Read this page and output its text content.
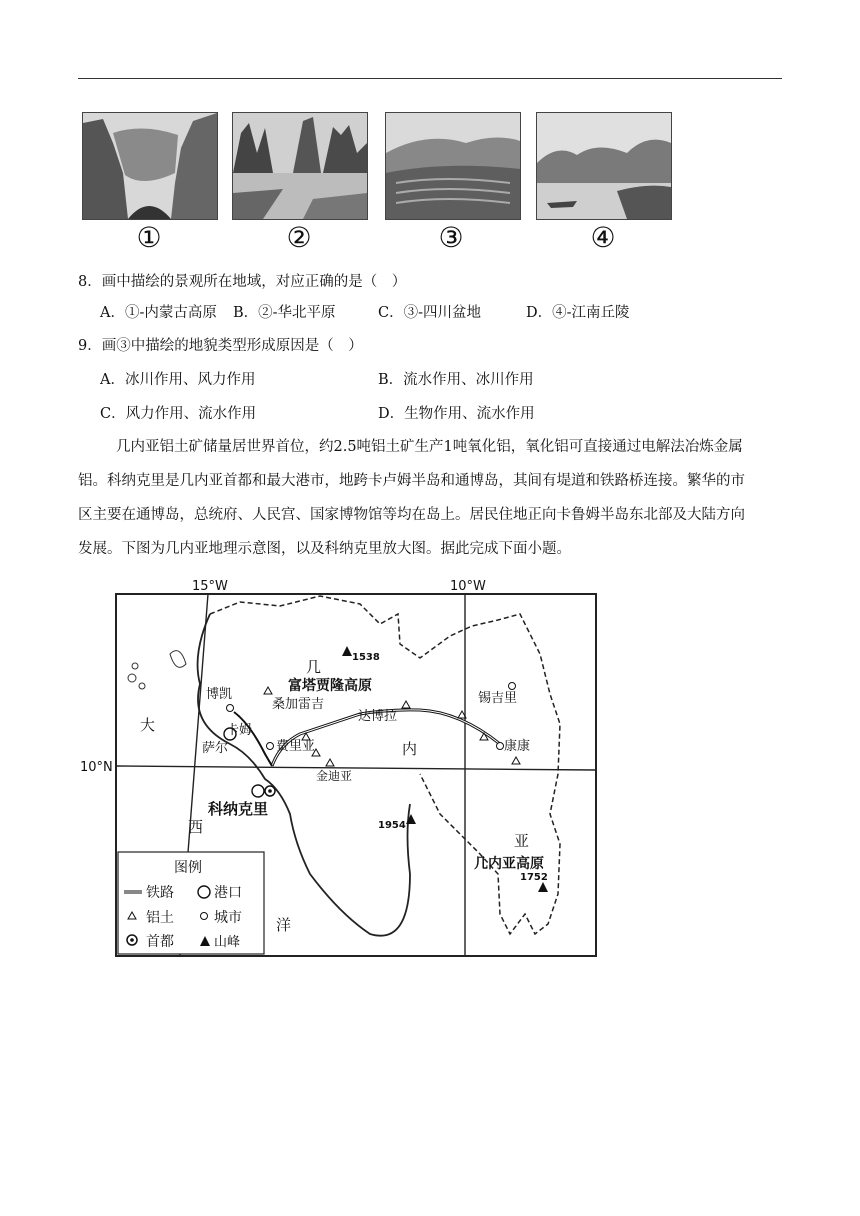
①	②	③	④
8．画中描绘的景观所在地域，对应正确的是（　）
A．①-内蒙古高原 B．②-华北平原	C．③-四川盆地	D．④-江南丘陵
9．画③中描绘的地貌类型形成原因是（　）
A．冰川作用、风力作用	B．流水作用、冰川作用
C．风力作用、流水作用	D．生物作用、流水作用
几内亚铝土矿储量居世界首位，约2.5吨铝土矿生产1吨氧化铝，氧化铝可直接通过电解法冶炼金属
铝。科纳克里是几内亚首都和最大港市，地跨卡卢姆半岛和通博岛，其间有堤道和铁路桥连接。繁华的市
区主要在通博岛，总统府、人民宫、国家博物馆等均在岛上。居民住地正向卡鲁姆半岛东北部及大陆方向
发展。下图为几内亚地理示意图，以及科纳克里放大图。据此完成下面小题。
15°W	10°W
10°N
几
内
亚
大
西
洋
富塔贾隆高原
几内亚高原
1538
1954
1752
博凯
桑加雷吉
卡姆
萨尔	费里亚
达博拉
锡吉里
康康
金迪亚
科纳克里
图例
铁路	港口
铝土	城市
首都	山峰
